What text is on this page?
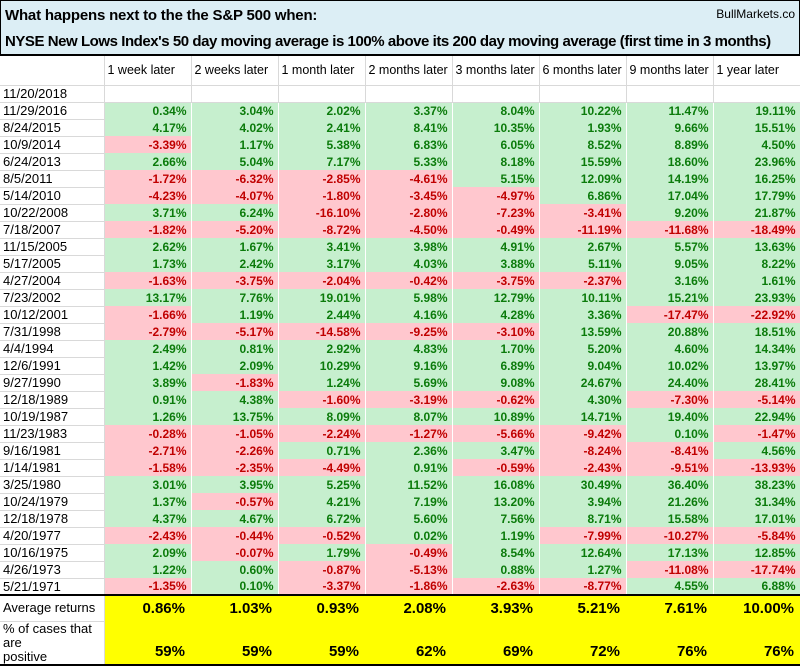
What happens next to the the S&P 500 when:
NYSE New Lows Index's 50 day moving average is 100% above its 200 day moving average (first time in 3 months)
BullMarkets.co
	1 week later	2 weeks later	1 month later	2 months later	3 months later	6 months later	9 months later	1 year later
11/20/2018								
11/29/2016	0.34%	3.04%	2.02%	3.37%	8.04%	10.22%	11.47%	19.11%
8/24/2015	4.17%	4.02%	2.41%	8.41%	10.35%	1.93%	9.66%	15.51%
10/9/2014	-3.39%	1.17%	5.38%	6.83%	6.05%	8.52%	8.89%	4.50%
6/24/2013	2.66%	5.04%	7.17%	5.33%	8.18%	15.59%	18.60%	23.96%
8/5/2011	-1.72%	-6.32%	-2.85%	-4.61%	5.15%	12.09%	14.19%	16.25%
5/14/2010	-4.23%	-4.07%	-1.80%	-3.45%	-4.97%	6.86%	17.04%	17.79%
10/22/2008	3.71%	6.24%	-16.10%	-2.80%	-7.23%	-3.41%	9.20%	21.87%
7/18/2007	-1.82%	-5.20%	-8.72%	-4.50%	-0.49%	-11.19%	-11.68%	-18.49%
11/15/2005	2.62%	1.67%	3.41%	3.98%	4.91%	2.67%	5.57%	13.63%
5/17/2005	1.73%	2.42%	3.17%	4.03%	3.88%	5.11%	9.05%	8.22%
4/27/2004	-1.63%	-3.75%	-2.04%	-0.42%	-3.75%	-2.37%	3.16%	1.61%
7/23/2002	13.17%	7.76%	19.01%	5.98%	12.79%	10.11%	15.21%	23.93%
10/12/2001	-1.66%	1.19%	2.44%	4.16%	4.28%	3.36%	-17.47%	-22.92%
7/31/1998	-2.79%	-5.17%	-14.58%	-9.25%	-3.10%	13.59%	20.88%	18.51%
4/4/1994	2.49%	0.81%	2.92%	4.83%	1.70%	5.20%	4.60%	14.34%
12/6/1991	1.42%	2.09%	10.29%	9.16%	6.89%	9.04%	10.02%	13.97%
9/27/1990	3.89%	-1.83%	1.24%	5.69%	9.08%	24.67%	24.40%	28.41%
12/18/1989	0.91%	4.38%	-1.60%	-3.19%	-0.62%	4.30%	-7.30%	-5.14%
10/19/1987	1.26%	13.75%	8.09%	8.07%	10.89%	14.71%	19.40%	22.94%
11/23/1983	-0.28%	-1.05%	-2.24%	-1.27%	-5.66%	-9.42%	0.10%	-1.47%
9/16/1981	-2.71%	-2.26%	0.71%	2.36%	3.47%	-8.24%	-8.41%	4.56%
1/14/1981	-1.58%	-2.35%	-4.49%	0.91%	-0.59%	-2.43%	-9.51%	-13.93%
3/25/1980	3.01%	3.95%	5.25%	11.52%	16.08%	30.49%	36.40%	38.23%
10/24/1979	1.37%	-0.57%	4.21%	7.19%	13.20%	3.94%	21.26%	31.34%
12/18/1978	4.37%	4.67%	6.72%	5.60%	7.56%	8.71%	15.58%	17.01%
4/20/1977	-2.43%	-0.44%	-0.52%	0.02%	1.19%	-7.99%	-10.27%	-5.84%
10/16/1975	2.09%	-0.07%	1.79%	-0.49%	8.54%	12.64%	17.13%	12.85%
4/26/1973	1.22%	0.60%	-0.87%	-5.13%	0.88%	1.27%	-11.08%	-17.74%
5/21/1971	-1.35%	0.10%	-3.37%	-1.86%	-2.63%	-8.77%	4.55%	6.88%

Average returns	0.86%	1.03%	0.93%	2.08%	3.93%	5.21%	7.61%	10.00%

% of cases that are
positive	59%	59%	59%	62%	69%	72%	76%	76%
